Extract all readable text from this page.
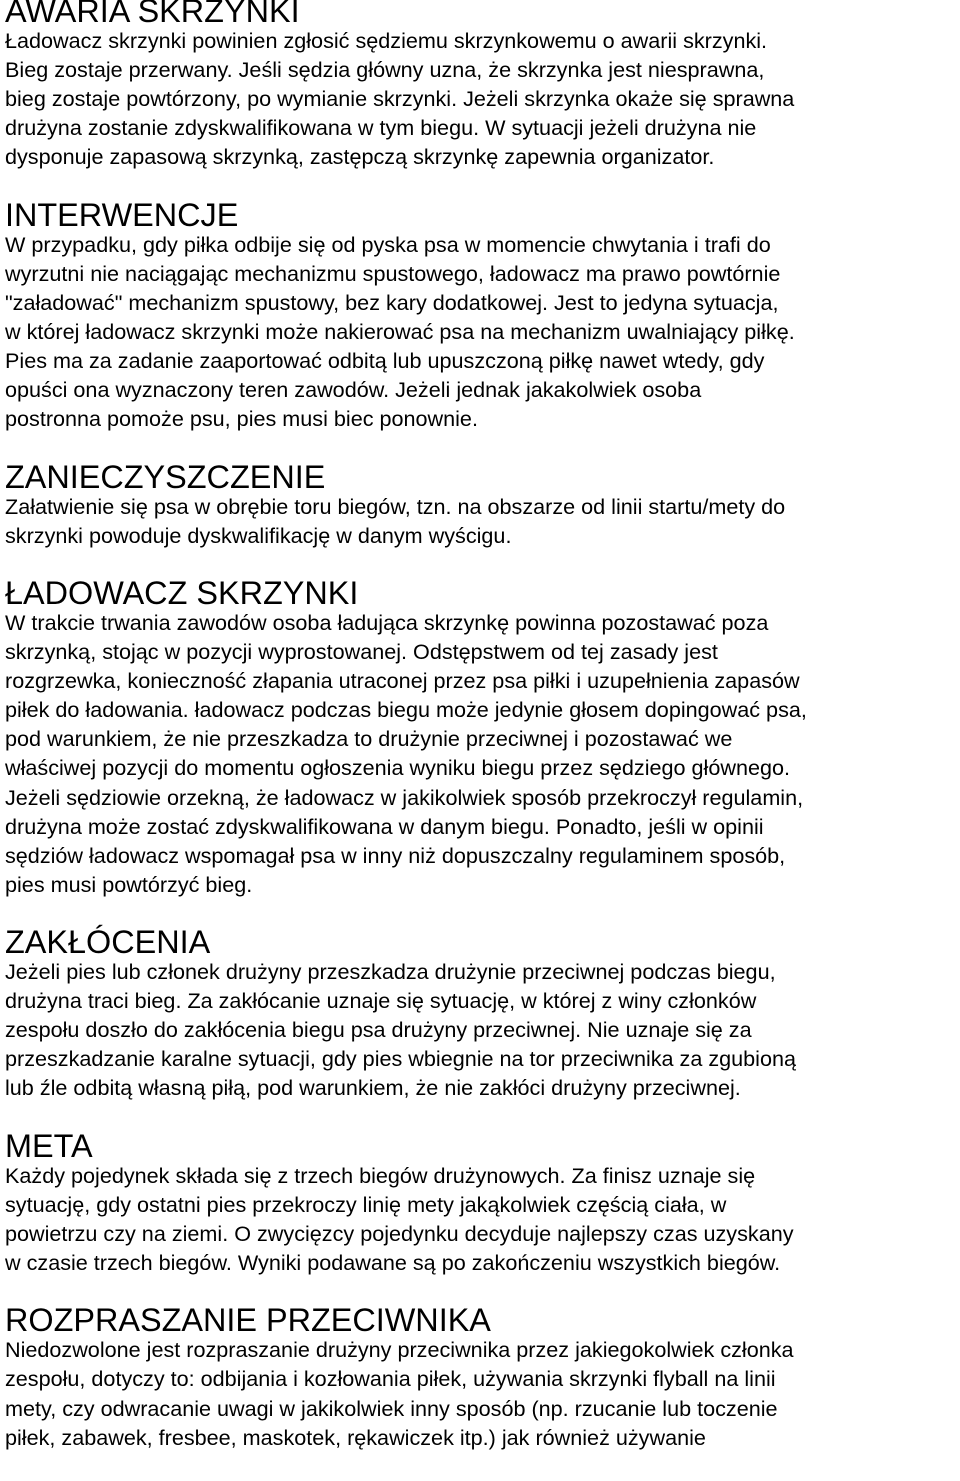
AWARIA SKRZYNKI
Ładowacz skrzynki powinien zgłosić sędziemu skrzynkowemu o awarii skrzynki.
Bieg zostaje przerwany. Jeśli sędzia główny uzna, że skrzynka jest niesprawna,
bieg zostaje powtórzony, po wymianie skrzynki. Jeżeli skrzynka okaże się sprawna
drużyna zostanie zdyskwalifikowana w tym biegu. W sytuacji jeżeli drużyna nie
dysponuje zapasową skrzynką, zastępczą skrzynkę zapewnia organizator.
INTERWENCJE
W przypadku, gdy piłka odbije się od pyska psa w momencie chwytania i trafi do
wyrzutni nie naciągając mechanizmu spustowego, ładowacz ma prawo powtórnie
"załadować" mechanizm spustowy, bez kary dodatkowej. Jest to jedyna sytuacja,
w której ładowacz skrzynki może nakierować psa na mechanizm uwalniający piłkę.
Pies ma za zadanie zaaportować odbitą lub upuszczoną piłkę nawet wtedy, gdy
opuści ona wyznaczony teren zawodów. Jeżeli jednak jakakolwiek osoba
postronna pomoże psu, pies musi biec ponownie.
ZANIECZYSZCZENIE
Załatwienie się psa w obrębie toru biegów, tzn. na obszarze od linii startu/mety do
skrzynki powoduje dyskwalifikację w danym wyścigu.
ŁADOWACZ SKRZYNKI
W trakcie trwania zawodów osoba ładująca skrzynkę powinna pozostawać poza
skrzynką, stojąc w pozycji wyprostowanej. Odstępstwem od tej zasady jest
rozgrzewka, konieczność złapania utraconej przez psa piłki i uzupełnienia zapasów
piłek do ładowania. ładowacz podczas biegu może jedynie głosem dopingować psa,
pod warunkiem, że nie przeszkadza to drużynie przeciwnej i pozostawać we
właściwej pozycji do momentu ogłoszenia wyniku biegu przez sędziego głównego.
Jeżeli sędziowie orzekną, że ładowacz w jakikolwiek sposób przekroczył regulamin,
drużyna może zostać zdyskwalifikowana w danym biegu. Ponadto, jeśli w opinii
sędziów ładowacz wspomagał psa w inny niż dopuszczalny regulaminem sposób,
pies musi powtórzyć bieg.
ZAKŁÓCENIA
Jeżeli pies lub członek drużyny przeszkadza drużynie przeciwnej podczas biegu,
drużyna traci bieg. Za zakłócanie uznaje się sytuację, w której z winy członków
zespołu doszło do zakłócenia biegu psa drużyny przeciwnej. Nie uznaje się za
przeszkadzanie karalne sytuacji, gdy pies wbiegnie na tor przeciwnika za zgubioną
lub źle odbitą własną piłą, pod warunkiem, że nie zakłóci drużyny przeciwnej.
META
Każdy pojedynek składa się z trzech biegów drużynowych. Za finisz uznaje się
sytuację, gdy ostatni pies przekroczy linię mety jakąkolwiek częścią ciała, w
powietrzu czy na ziemi. O zwycięzcy pojedynku decyduje najlepszy czas uzyskany
w czasie trzech biegów. Wyniki podawane są po zakończeniu wszystkich biegów.
ROZPRASZANIE PRZECIWNIKA
Niedozwolone jest rozpraszanie drużyny przeciwnika przez jakiegokolwiek członka
zespołu, dotyczy to: odbijania i kozłowania piłek, używania skrzynki flyball na linii
mety, czy odwracanie uwagi w jakikolwiek inny sposób (np. rzucanie lub toczenie
piłek, zabawek, fresbee, maskotek, rękawiczek itp.) jak również używanie
